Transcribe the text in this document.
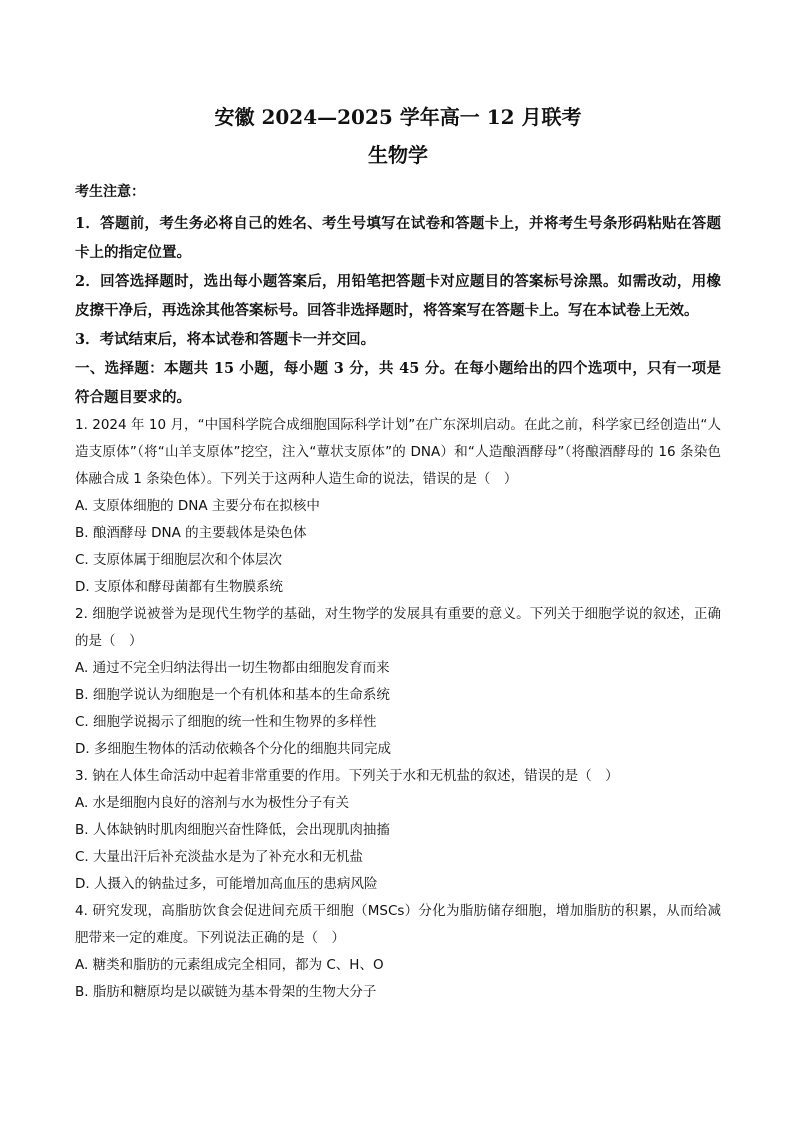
安徽 2024—2025 学年高一 12 月联考
生物学

考生注意：

1．答题前，考生务必将自己的姓名、考生号填写在试卷和答题卡上，并将考生号条形码粘贴在答题卡上的指定位置。

2．回答选择题时，选出每小题答案后，用铅笔把答题卡对应题目的答案标号涂黑。如需改动，用橡皮擦干净后，再选涂其他答案标号。回答非选择题时，将答案写在答题卡上。写在本试卷上无效。

3．考试结束后，将本试卷和答题卡一并交回。

一、选择题：本题共 15 小题，每小题 3 分，共 45 分。在每小题给出的四个选项中，只有一项是符合题目要求的。

1. 2024 年 10 月，“中国科学院合成细胞国际科学计划”在广东深圳启动。在此之前，科学家已经创造出“人造支原体”（将“山羊支原体”挖空，注入“蕈状支原体”的 DNA）和“人造酿酒酵母”（将酿酒酵母的 16 条染色体融合成 1 条染色体）。下列关于这两种人造生命的说法，错误的是（　）

A. 支原体细胞的 DNA 主要分布在拟核中

B. 酿酒酵母 DNA 的主要载体是染色体

C. 支原体属于细胞层次和个体层次

D. 支原体和酵母菌都有生物膜系统

2. 细胞学说被誉为是现代生物学的基础，对生物学的发展具有重要的意义。下列关于细胞学说的叙述，正确的是（　）

A. 通过不完全归纳法得出一切生物都由细胞发育而来

B. 细胞学说认为细胞是一个有机体和基本的生命系统

C. 细胞学说揭示了细胞的统一性和生物界的多样性

D. 多细胞生物体的活动依赖各个分化的细胞共同完成

3. 钠在人体生命活动中起着非常重要的作用。下列关于水和无机盐的叙述，错误的是（　）

A. 水是细胞内良好的溶剂与水为极性分子有关

B. 人体缺钠时肌肉细胞兴奋性降低，会出现肌肉抽搐

C. 大量出汗后补充淡盐水是为了补充水和无机盐

D. 人摄入的钠盐过多，可能增加高血压的患病风险

4. 研究发现，高脂肪饮食会促进间充质干细胞（MSCs）分化为脂肪储存细胞，增加脂肪的积累，从而给减肥带来一定的难度。下列说法正确的是（　）

A. 糖类和脂肪的元素组成完全相同，都为 C、H、O

B. 脂肪和糖原均是以碳链为基本骨架的生物大分子
